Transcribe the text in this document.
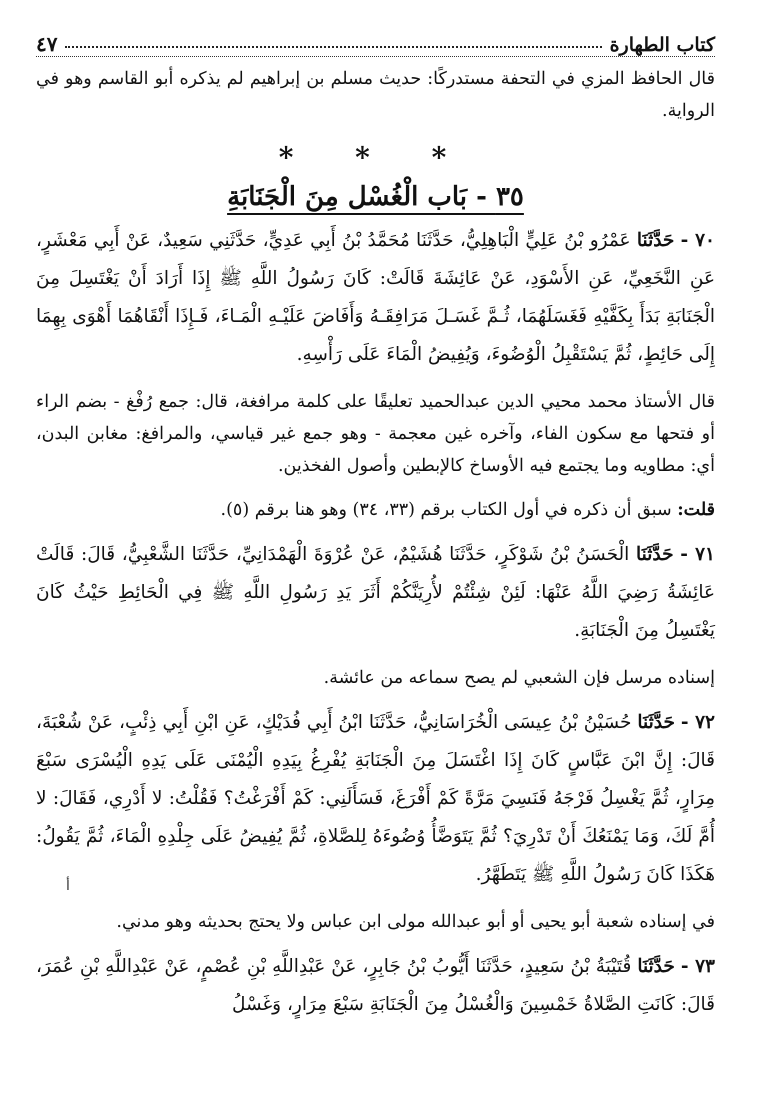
كتاب الطهارة
٤٧

قال الحافظ المزي في التحفة مستدركًا: حديث مسلم بن إبراهيم لم يذكره أبو القاسم وهو في الرواية.

* * *
٣٥ - بَاب الْغُسْل مِنَ الْجَنَابَةِ

٧٠ - حَدَّثَنَا عَمْرُو بْنُ عَلِيٍّ الْبَاهِلِيُّ، حَدَّثَنَا مُحَمَّدُ بْنُ أَبِي عَدِيٍّ، حَدَّثَنِي سَعِيدٌ، عَنْ أَبِي مَعْشَرٍ، عَنِ النَّخَعِيِّ، عَنِ الأَسْوَدِ، عَنْ عَائِشَةَ قَالَتْ: كَانَ رَسُولُ اللَّهِ ﷺ إِذَا أَرَادَ أَنْ يَغْتَسِلَ مِنَ الْجَنَابَةِ بَدَأَ بِكَفَّيْهِ فَغَسَلَهُمَا، ثُـمَّ غَسَـلَ مَرَافِقَـهُ وَأَفَاضَ عَلَيْـهِ الْمَـاءَ، فَـإِذَا أَنْقَاهُمَا أَهْوَى بِهِمَا إِلَى حَائِطٍ، ثُمَّ يَسْتَقْبِلُ الْوُضُوءَ، وَيُفِيضُ الْمَاءَ عَلَى رَأْسِهِ.

قال الأستاذ محمد محيي الدين عبدالحميد تعليقًا على كلمة مرافغة، قال: جمع رُفْغ - بضم الراء أو فتحها مع سكون الفاء، وآخره غين معجمة - وهو جمع غير قياسي، والمرافغ: مغابن البدن، أي: مطاويه وما يجتمع فيه الأوساخ كالإبطين وأصول الفخذين.

قلت: سبق أن ذكره في أول الكتاب برقم (٣٣، ٣٤) وهو هنا برقم (٥).

٧١ - حَدَّثَنَا الْحَسَنُ بْنُ شَوْكَرٍ، حَدَّثَنَا هُشَيْمٌ، عَنْ عُرْوَةَ الْهَمْدَانِيِّ، حَدَّثَنَا الشَّعْبِيُّ، قَالَ: قَالَتْ عَائِشَةُ رَضِيَ اللَّهُ عَنْهَا: لَئِنْ شِئْتُمْ لأُرِيَنَّكُمْ أَثَرَ يَدِ رَسُولِ اللَّهِ ﷺ فِي الْحَائِطِ حَيْثُ كَانَ يَغْتَسِلُ مِنَ الْجَنَابَةِ.

إسناده مرسل فإن الشعبي لم يصح سماعه من عائشة.

٧٢ - حَدَّثَنَا حُسَيْنُ بْنُ عِيسَى الْخُرَاسَانِيُّ، حَدَّثَنَا ابْنُ أَبِي فُدَيْكٍ، عَنِ ابْنِ أَبِي ذِئْبٍ، عَنْ شُعْبَةَ، قَالَ: إِنَّ ابْنَ عَبَّاسٍ كَانَ إِذَا اغْتَسَلَ مِنَ الْجَنَابَةِ يُفْرِغُ بِيَدِهِ الْيُمْنَى عَلَى يَدِهِ الْيُسْرَى سَبْعَ مِرَارٍ، ثُمَّ يَغْسِلُ فَرْجَهُ فَنَسِيَ مَرَّةً كَمْ أَفْرَغَ، فَسَأَلَنِي: كَمْ أَفْرَغْتُ؟ فَقُلْتُ: لا أَدْرِي، فَقَالَ: لا أُمَّ لَكَ، وَمَا يَمْنَعُكَ أَنْ تَدْرِيَ؟ ثُمَّ يَتَوَضَّأُ وُضُوءَهُ لِلصَّلاةِ، ثُمَّ يُفِيضُ عَلَى جِلْدِهِ الْمَاءَ، ثُمَّ يَقُولُ: هَكَذَا كَانَ رَسُولُ اللَّهِ ﷺ يَتَطَهَّرُ.

في إسناده شعبة أبو يحيى أو أبو عبدالله مولى ابن عباس ولا يحتج بحديثه وهو مدني.

٧٣ - حَدَّثَنَا قُتَيْبَةُ بْنُ سَعِيدٍ، حَدَّثَنَا أَيُّوبُ بْنُ جَابِرٍ، عَنْ عَبْدِاللَّهِ بْنِ عُصْمٍ، عَنْ عَبْدِاللَّهِ بْنِ عُمَرَ، قَالَ: كَانَتِ الصَّلاةُ خَمْسِينَ وَالْغُسْلُ مِنَ الْجَنَابَةِ سَبْعَ مِرَارٍ، وَغَسْلُ

أ
